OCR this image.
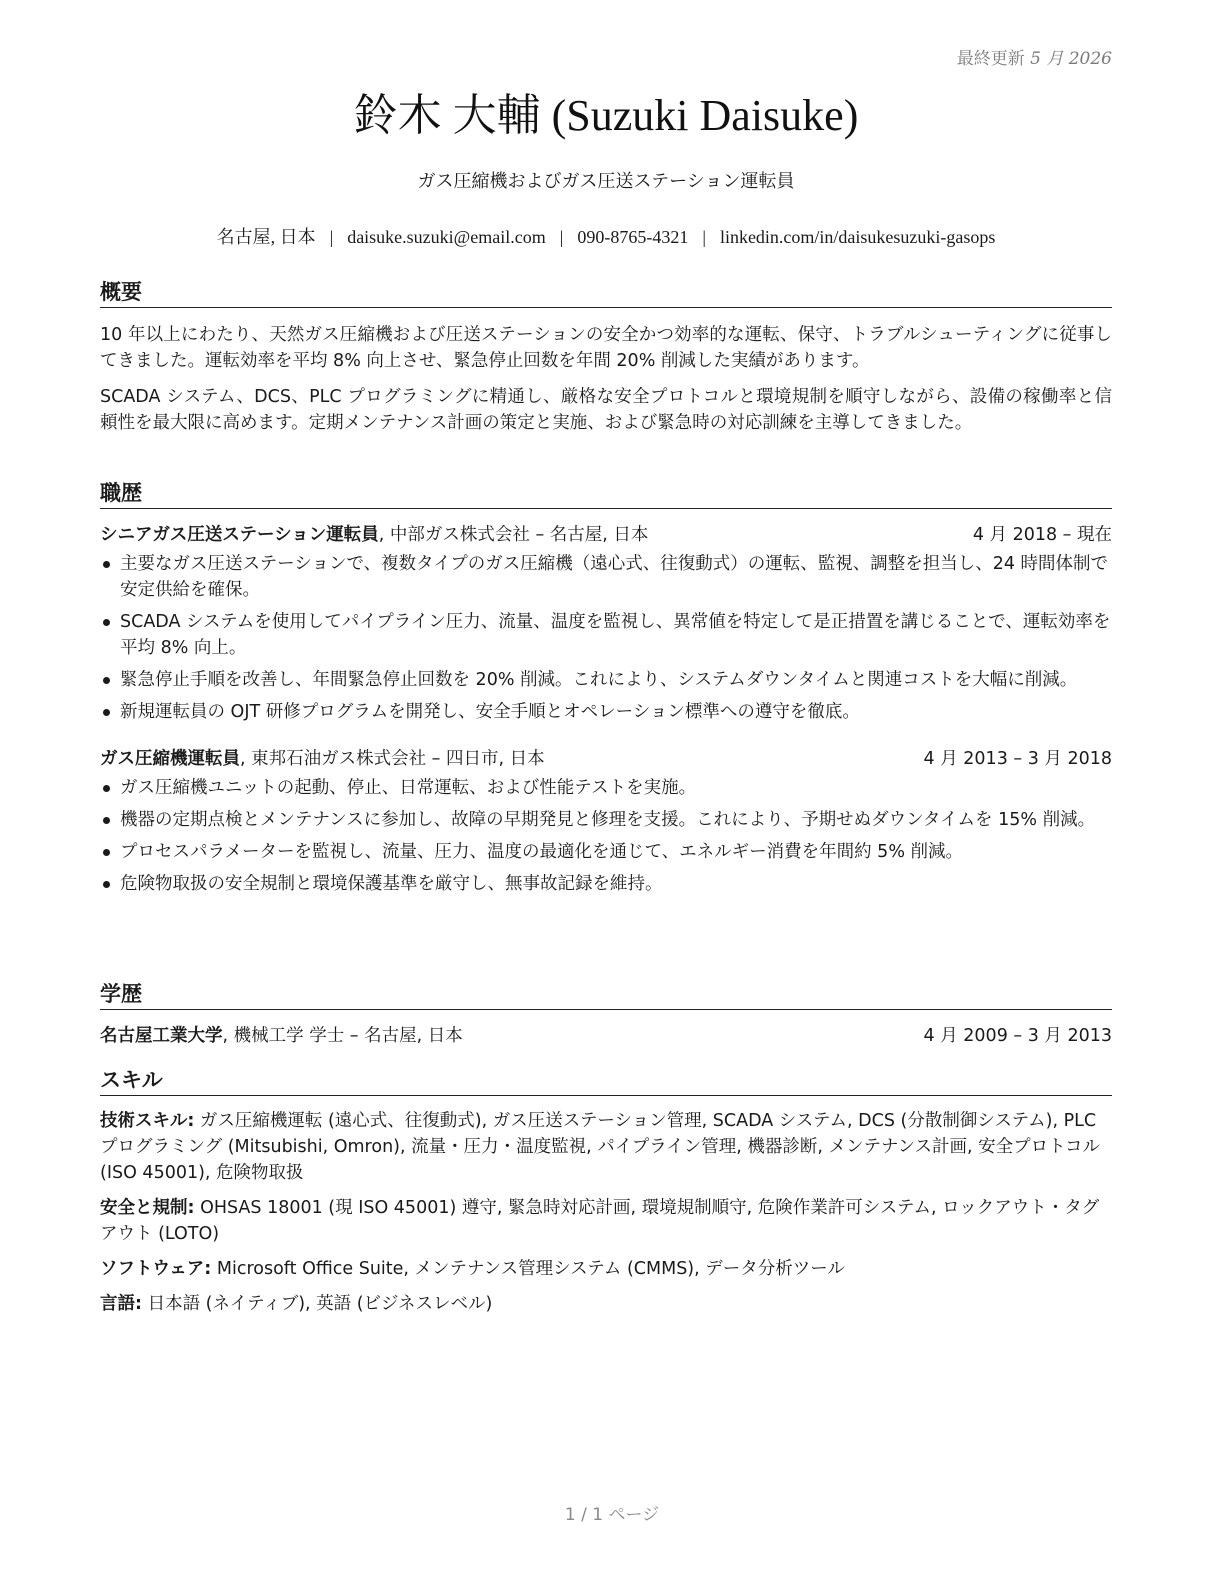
最終更新 5 月 2026
鈴木 大輔 (Suzuki Daisuke)
ガス圧縮機およびガス圧送ステーション運転員
名古屋, 日本 | daisuke.suzuki@email.com | 090-8765-4321 | linkedin.com/in/daisukesuzuki-gasops
概要

10 年以上にわたり、天然ガス圧縮機および圧送ステーションの安全かつ効率的な運転、保守、トラブルシューティングに従事してきました。運転効率を平均 8% 向上させ、緊急停止回数を年間 20% 削減した実績があります。

SCADA システム、DCS、PLC プログラミングに精通し、厳格な安全プロトコルと環境規制を順守しながら、設備の稼働率と信頼性を最大限に高めます。定期メンテナンス計画の策定と実施、および緊急時の対応訓練を主導してきました。

職歴
シニアガス圧送ステーション運転員, 中部ガス株式会社 – 名古屋, 日本	4 月 2018 – 現在
主要なガス圧送ステーションで、複数タイプのガス圧縮機（遠心式、往復動式）の運転、監視、調整を担当し、24 時間体制で安定供給を確保。
SCADA システムを使用してパイプライン圧力、流量、温度を監視し、異常値を特定して是正措置を講じることで、運転効率を平均 8% 向上。
緊急停止手順を改善し、年間緊急停止回数を 20% 削減。これにより、システムダウンタイムと関連コストを大幅に削減。
新規運転員の OJT 研修プログラムを開発し、安全手順とオペレーション標準への遵守を徹底。
ガス圧縮機運転員, 東邦石油ガス株式会社 – 四日市, 日本	4 月 2013 – 3 月 2018
ガス圧縮機ユニットの起動、停止、日常運転、および性能テストを実施。
機器の定期点検とメンテナンスに参加し、故障の早期発見と修理を支援。これにより、予期せぬダウンタイムを 15% 削減。
プロセスパラメーターを監視し、流量、圧力、温度の最適化を通じて、エネルギー消費を年間約 5% 削減。
危険物取扱の安全規制と環境保護基準を厳守し、無事故記録を維持。
学歴
名古屋工業大学, 機械工学 学士 – 名古屋, 日本	4 月 2009 – 3 月 2013
スキル

技術スキル: ガス圧縮機運転 (遠心式、往復動式), ガス圧送ステーション管理, SCADA システム, DCS (分散制御システム), PLC プログラミング (Mitsubishi, Omron), 流量・圧力・温度監視, パイプライン管理, 機器診断, メンテナンス計画, 安全プロトコル (ISO 45001), 危険物取扱

安全と規制: OHSAS 18001 (現 ISO 45001) 遵守, 緊急時対応計画, 環境規制順守, 危険作業許可システム, ロックアウト・タグアウト (LOTO)

ソフトウェア: Microsoft Office Suite, メンテナンス管理システム (CMMS), データ分析ツール

言語: 日本語 (ネイティブ), 英語 (ビジネスレベル)

1 / 1 ページ
